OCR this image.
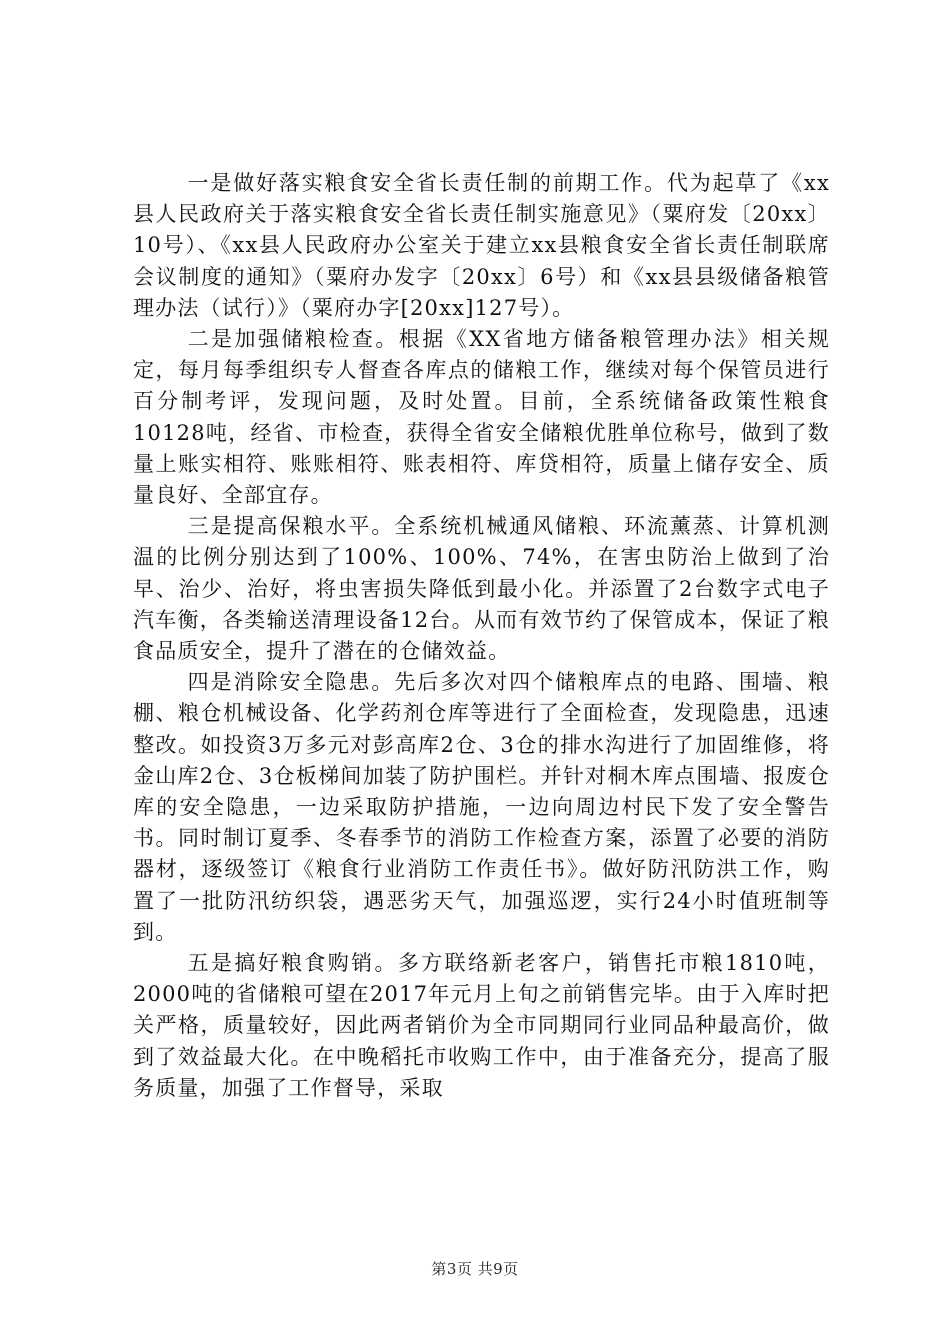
一是做好落实粮食安全省长责任制的前期工作。代为起草了《xx县人民政府关于落实粮食安全省长责任制实施意见》（粟府发〔20xx〕10号）、《xx县人民政府办公室关于建立xx县粮食安全省长责任制联席会议制度的通知》（粟府办发字〔20xx〕6号）和《xx县县级储备粮管理办法（试行）》（粟府办字[20xx]127号）。

二是加强储粮检查。根据《XX省地方储备粮管理办法》相关规定，每月每季组织专人督查各库点的储粮工作，继续对每个保管员进行百分制考评，发现问题，及时处置。目前，全系统储备政策性粮食10128吨，经省、市检查，获得全省安全储粮优胜单位称号，做到了数量上账实相符、账账相符、账表相符、库贷相符，质量上储存安全、质量良好、全部宜存。

三是提高保粮水平。全系统机械通风储粮、环流薰蒸、计算机测温的比例分别达到了100%、100%、74%，在害虫防治上做到了治早、治少、治好，将虫害损失降低到最小化。并添置了2台数字式电子汽车衡，各类输送清理设备12台。从而有效节约了保管成本，保证了粮食品质安全，提升了潜在的仓储效益。

四是消除安全隐患。先后多次对四个储粮库点的电路、围墙、粮棚、粮仓机械设备、化学药剂仓库等进行了全面检查，发现隐患，迅速整改。如投资3万多元对彭高库2仓、3仓的排水沟进行了加固维修，将金山库2仓、3仓板梯间加装了防护围栏。并针对桐木库点围墙、报废仓库的安全隐患，一边采取防护措施，一边向周边村民下发了安全警告书。同时制订夏季、冬春季节的消防工作检查方案，添置了必要的消防器材，逐级签订《粮食行业消防工作责任书》。做好防汛防洪工作，购置了一批防汛纺织袋，遇恶劣天气，加强巡逻，实行24小时值班制等到。

五是搞好粮食购销。多方联络新老客户，销售托市粮1810吨，2000吨的省储粮可望在2017年元月上旬之前销售完毕。由于入库时把关严格，质量较好，因此两者销价为全市同期同行业同品种最高价，做到了效益最大化。在中晚稻托市收购工作中，由于准备充分，提高了服务质量，加强了工作督导，采取

第3页 共9页
